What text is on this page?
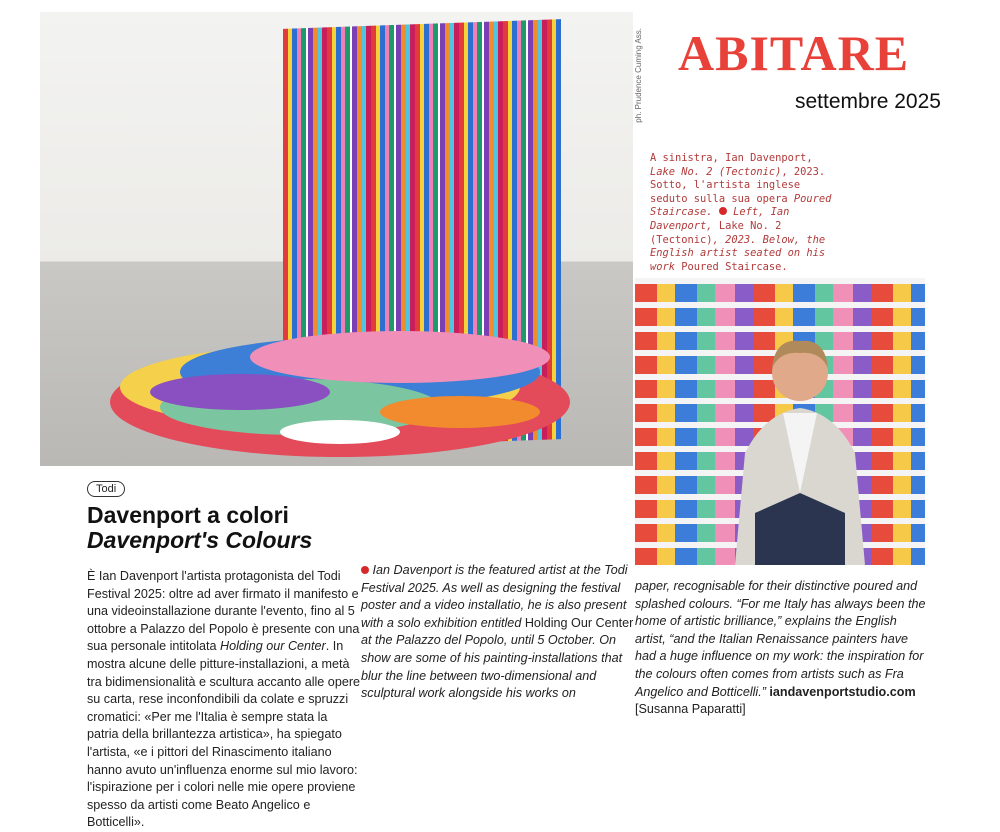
ABITARE
settembre 2025
ph. Prudence Cuming Ass.
A sinistra, Ian Davenport, Lake No. 2 (Tectonic), 2023. Sotto, l'artista inglese seduto sulla sua opera Poured Staircase. Left, Ian Davenport, Lake No. 2 (Tectonic), 2023. Below, the English artist seated on his work Poured Staircase.
Todi
Davenport a colori
Davenport's Colours
È Ian Davenport l'artista protagonista del Todi Festival 2025: oltre ad aver firmato il manifesto e una videoinstallazione durante l'evento, fino al 5 ottobre a Palazzo del Popolo è presente con una sua personale intitolata Holding our Center. In mostra alcune delle pitture-installazioni, a metà tra bidimensionalità e scultura accanto alle opere su carta, rese inconfondibili da colate e spruzzi cromatici: «Per me l'Italia è sempre stata la patria della brillantezza artistica», ha spiegato l'artista, «e i pittori del Rinascimento italiano hanno avuto un'influenza enorme sul mio lavoro: l'ispirazione per i colori nelle mie opere proviene spesso da artisti come Beato Angelico e Botticelli».
Ian Davenport is the featured artist at the Todi Festival 2025. As well as designing the festival poster and a video installatio, he is also present with a solo exhibition entitled Holding Our Center at the Palazzo del Popolo, until 5 October. On show are some of his painting-installations that blur the line between two-dimensional and sculptural work alongside his works on
paper, recognisable for their distinctive poured and splashed colours. “For me Italy has always been the home of artistic brilliance,” explains the English artist, “and the Italian Renaissance painters have had a huge influence on my work: the inspiration for the colours often comes from artists such as Fra Angelico and Botticelli.” iandavenportstudio.com
[Susanna Paparatti]
